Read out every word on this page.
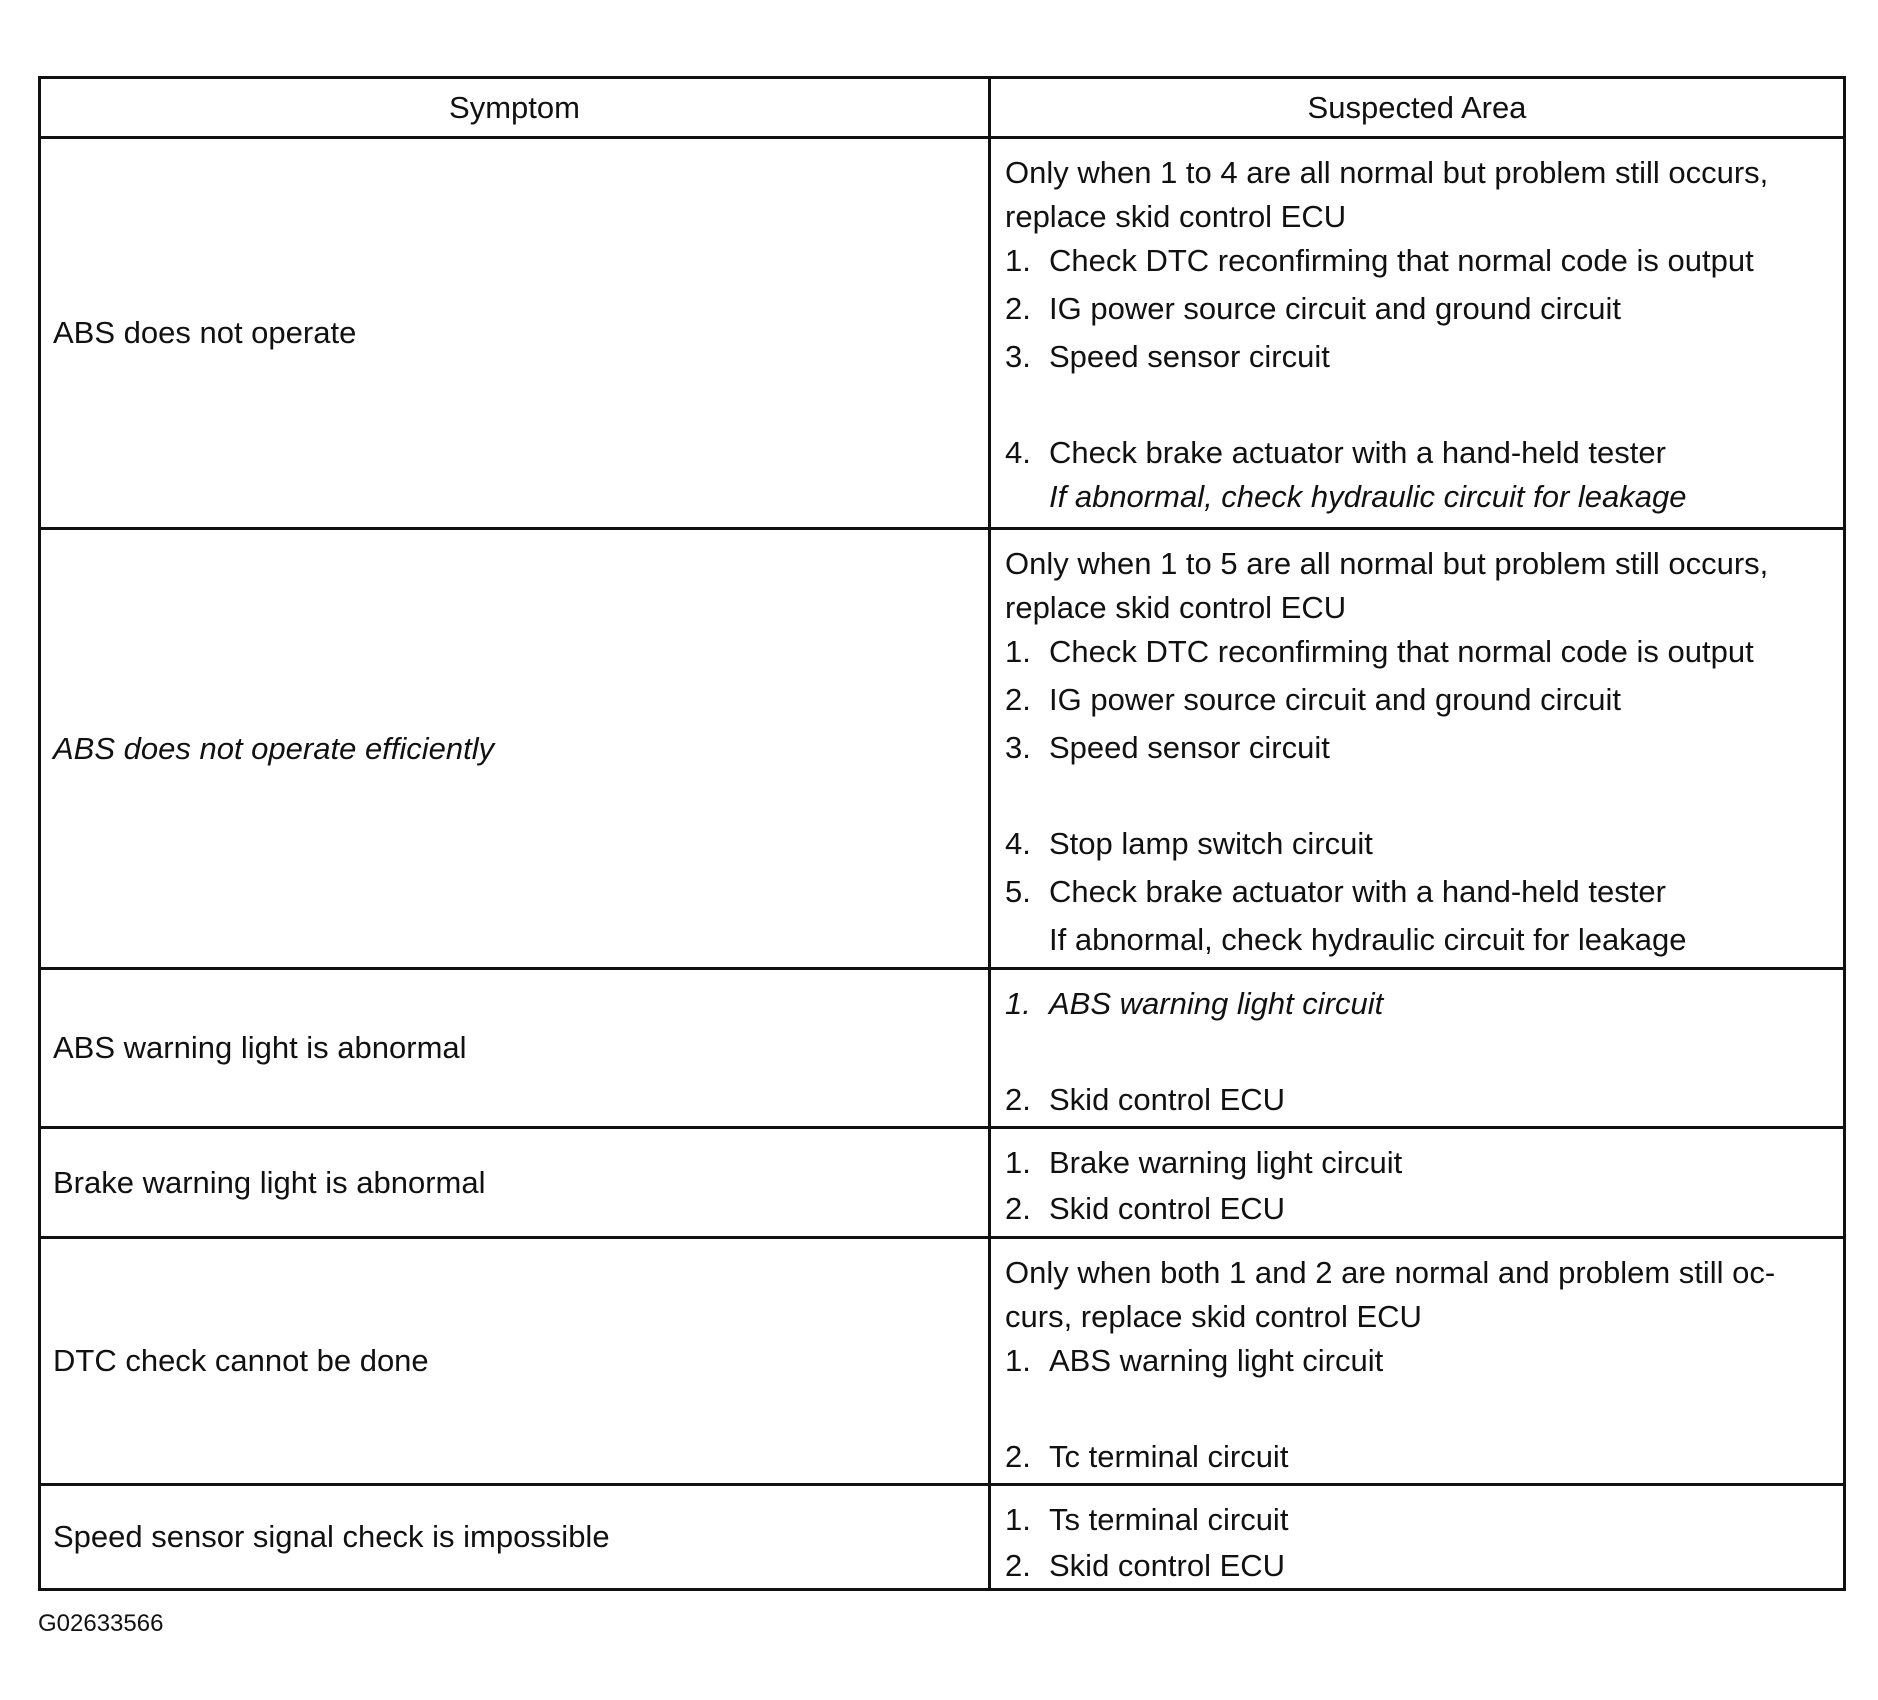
Symptom	Suspected Area
ABS does not operate
Only when 1 to 4 are all normal but problem still occurs, replace skid control ECU
1. Check DTC reconfirming that normal code is output
2. IG power source circuit and ground circuit
3. Speed sensor circuit
4. Check brake actuator with a hand-held tester
If abnormal, check hydraulic circuit for leakage
ABS does not operate efficiently
Only when 1 to 5 are all normal but problem still occurs, replace skid control ECU
1. Check DTC reconfirming that normal code is output
2. IG power source circuit and ground circuit
3. Speed sensor circuit
4. Stop lamp switch circuit
5. Check brake actuator with a hand-held tester
If abnormal, check hydraulic circuit for leakage
ABS warning light is abnormal
1. ABS warning light circuit
2. Skid control ECU
Brake warning light is abnormal
1. Brake warning light circuit
2. Skid control ECU
DTC check cannot be done
Only when both 1 and 2 are normal and problem still oc- curs, replace skid control ECU
1. ABS warning light circuit
2. Tc terminal circuit
Speed sensor signal check is impossible	1. Ts terminal circuit
2. Skid control ECU
G02633566
